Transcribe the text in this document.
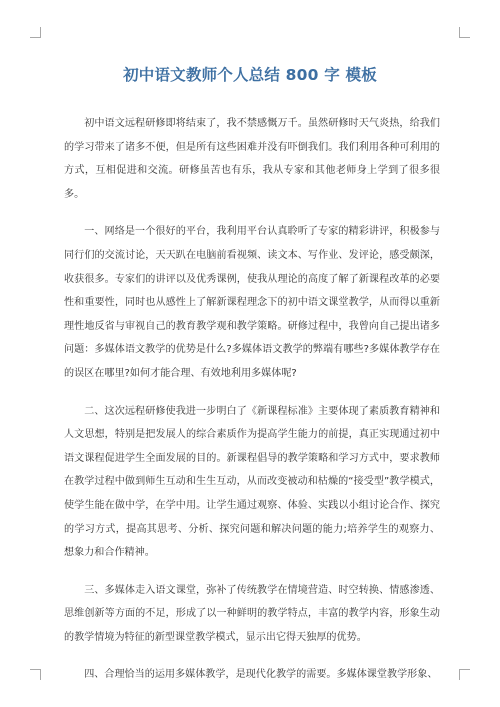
初中语文教师个人总结 800 字 模板

初中语文远程研修即将结束了，我不禁感慨万千。虽然研修时天气炎热，给我们的学习带来了诸多不便，但是所有这些困难并没有吓倒我们。我们利用各种可利用的方式，互相促进和交流。研修虽苦也有乐，我从专家和其他老师身上学到了很多很多。

一、网络是一个很好的平台，我利用平台认真聆听了专家的精彩讲评，积极参与同行们的交流讨论，天天趴在电脑前看视频、读文本、写作业、发评论，感受颇深，收获很多。专家们的讲评以及优秀课例，使我从理论的高度了解了新课程改革的必要性和重要性，同时也从感性上了解新课程理念下的初中语文课堂教学，从而得以重新理性地反省与审视自己的教育教学观和教学策略。研修过程中，我曾向自己提出诸多问题：多媒体语文教学的优势是什么?多媒体语文教学的弊端有哪些?多媒体教学存在的误区在哪里?如何才能合理、有效地利用多媒体呢?

二、这次远程研修使我进一步明白了《新课程标准》主要体现了素质教育精神和人文思想，特别是把发展人的综合素质作为提高学生能力的前提，真正实现通过初中语文课程促进学生全面发展的目的。新课程倡导的教学策略和学习方式中，要求教师在教学过程中做到师生互动和生生互动，从而改变被动和枯燥的“接受型”教学模式，使学生能在做中学，在学中用。让学生通过观察、体验、实践以小组讨论合作、探究的学习方式，提高其思考、分析、探究问题和解决问题的能力;培养学生的观察力、想象力和合作精神。

三、多媒体走入语文课堂，弥补了传统教学在情境营造、时空转换、情感渗透、思维创新等方面的不足，形成了以一种鲜明的教学特点，丰富的教学内容，形象生动的教学情境为特征的新型课堂教学模式，显示出它得天独厚的优势。

四、合理恰当的运用多媒体教学，是现代化教学的需要。多媒体课堂教学形象、
